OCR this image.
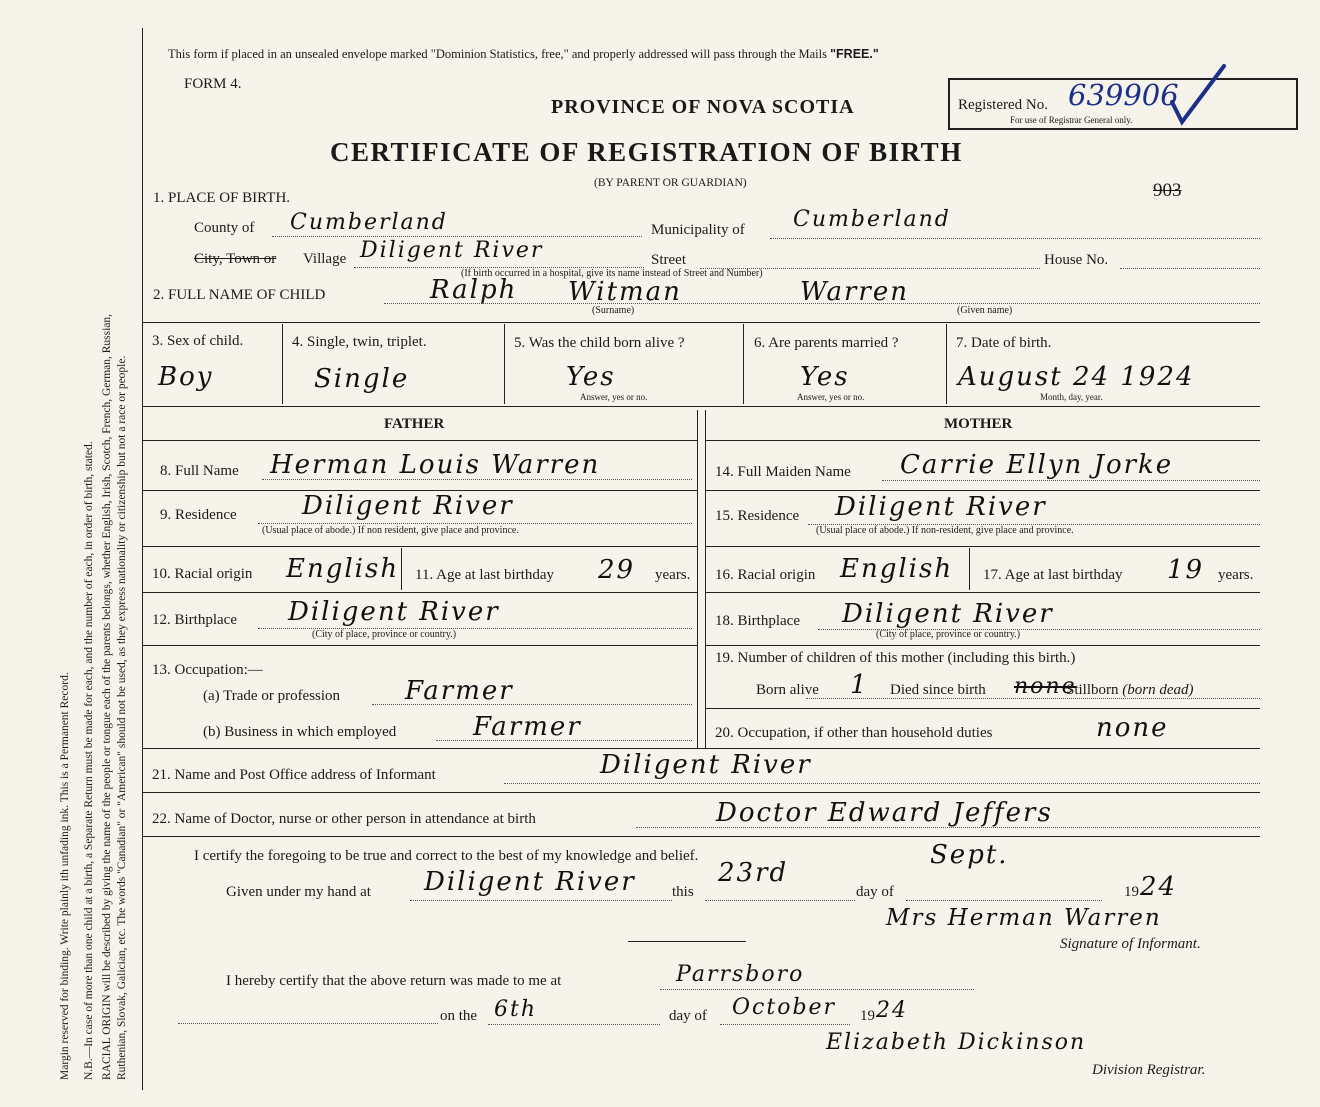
Margin reserved for binding. Write plainly ith unfading ink. This is a Permanent Record. N.B.—In case of more than one child at a birth, a Separate Return must be made for each, and the number of each, in order of birth, stated. RACIAL ORIGIN will be described by giving the name of the people or tongue each of the parents belongs, whether English, Irish, Scotch, French, German, Russian, Ruthenian, Slovak, Galician, etc. The words "Canadian" or "American" should not be used, as they express nationality or citizenship but not a race or people.
This form if placed in an unsealed envelope marked "Dominion Statistics, free," and properly addressed will pass through the Mails "FREE."
FORM 4.
PROVINCE OF NOVA SCOTIA
CERTIFICATE OF REGISTRATION OF BIRTH
(BY PARENT OR GUARDIAN)
Registered No. 639906
For use of Registrar General only.
903
1. PLACE OF BIRTH.
County of Cumberland	Municipality of Cumberland
City, Town or Village Diligent River	Street	House No.
(If birth occurred in a hospital, give its name instead of Street and Number)
2. FULL NAME OF CHILD	Ralph Witman	Warren
(Surname)	(Given name)
3. Sex of child.
Boy
4. Single, twin, triplet.
Single
5. Was the child born alive ?
Yes
Answer, yes or no.
6. Are parents married ?
Yes
Answer, yes or no.
7. Date of birth.
August 24 1924
Month, day, year.
FATHER	MOTHER
8. Full Name Herman Louis Warren
9. Residence	Diligent River
(Usual place of abode.) If non resident, give place and province.
10. Racial origin English 11. Age at last birthday 29 years.
12. Birthplace Diligent River
(City of place, province or country.)
13. Occupation:—
(a) Trade or profession Farmer
(b) Business in which employed	Farmer
14. Full Maiden Name Carrie Ellyn Jorke
15. Residence Diligent River
(Usual place of abode.) If non-resident, give place and province.
16. Racial origin English 17. Age at last birthday 19 years.
18. Birthplace Diligent River
(City of place, province or country.)
19. Number of children of this mother (including this birth.)
Born alive 1 Died since birth none
Stillborn (born dead)
20. Occupation, if other than household duties	none
21. Name and Post Office address of Informant	Diligent River
22. Name of Doctor, nurse or other person in attendance at birth	Doctor Edward Jeffers
I certify the foregoing to be true and correct to the best of my knowledge and belief.
Given under my hand at Diligent River this
23rd
day of
Sept.
19 24
Mrs Herman Warren
Signature of Informant.
I hereby certify that the above return was made to me at	Parrsboro
on the 6th	day of October 19 24
Elizabeth Dickinson
Division Registrar.
